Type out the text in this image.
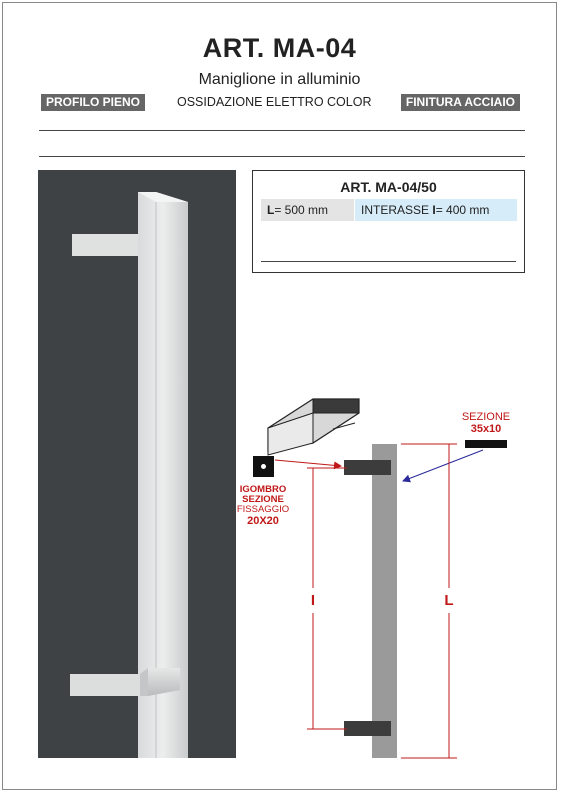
ART. MA-04
Maniglione in alluminio
PROFILO PIENO	OSSIDAZIONE ELETTRO COLOR	FINITURA ACCIAIO
ART. MA-04/50
L= 500 mm	INTERASSE I= 400 mm
SEZIONE
35x10
IGOMBRO
SEZIONE
FISSAGGIO
20X20
I	L
